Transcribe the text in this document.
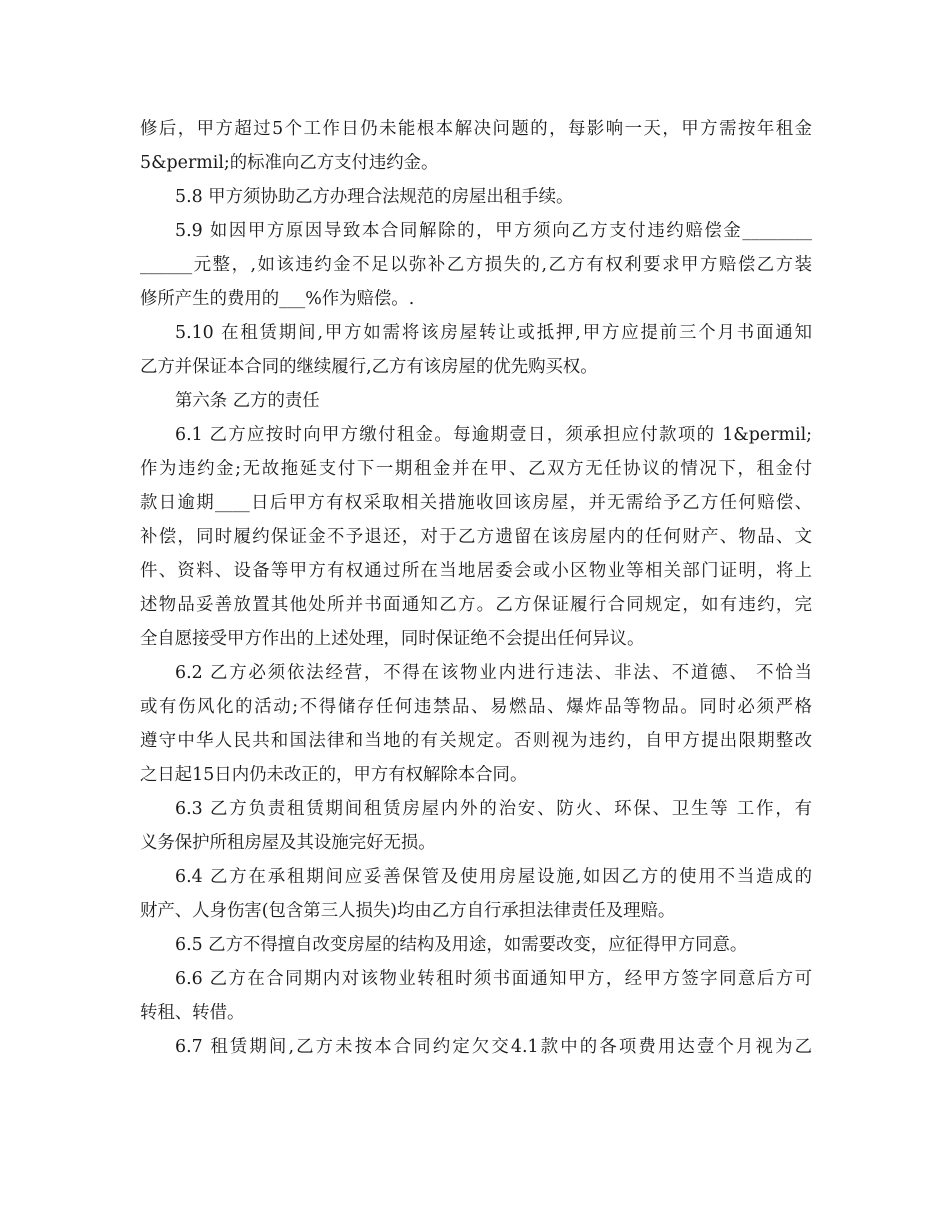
修后，甲方超过5个工作日仍未能根本解决问题的，每影响一天，甲方需按年租金
5&permil;的标准向乙方支付违约金。
5.8 甲方须协助乙方办理合法规范的房屋出租手续。
5.9 如因甲方原因导致本合同解除的，甲方须向乙方支付违约赔偿金________
______元整，,如该违约金不足以弥补乙方损失的,乙方有权利要求甲方赔偿乙方装
修所产生的费用的___%作为赔偿。.
5.10 在租赁期间,甲方如需将该房屋转让或抵押,甲方应提前三个月书面通知
乙方并保证本合同的继续履行,乙方有该房屋的优先购买权。
第六条 乙方的责任
6.1 乙方应按时向甲方缴付租金。每逾期壹日，须承担应付款项的 1&permil;
作为违约金;无故拖延支付下一期租金并在甲、乙双方无任协议的情况下，租金付
款日逾期____日后甲方有权采取相关措施收回该房屋，并无需给予乙方任何赔偿、
补偿，同时履约保证金不予退还，对于乙方遗留在该房屋内的任何财产、物品、文
件、资料、设备等甲方有权通过所在当地居委会或小区物业等相关部门证明，将上
述物品妥善放置其他处所并书面通知乙方。乙方保证履行合同规定，如有违约，完
全自愿接受甲方作出的上述处理，同时保证绝不会提出任何异议。
6.2 乙方必须依法经营，不得在该物业内进行违法、非法、不道德、 不恰当
或有伤风化的活动;不得储存任何违禁品、易燃品、爆炸品等物品。同时必须严格
遵守中华人民共和国法律和当地的有关规定。否则视为违约，自甲方提出限期整改
之日起15日内仍未改正的，甲方有权解除本合同。
6.3 乙方负责租赁期间租赁房屋内外的治安、防火、环保、卫生等 工作，有
义务保护所租房屋及其设施完好无损。
6.4 乙方在承租期间应妥善保管及使用房屋设施,如因乙方的使用不当造成的
财产、人身伤害(包含第三人损失)均由乙方自行承担法律责任及理赔。
6.5 乙方不得擅自改变房屋的结构及用途，如需要改变，应征得甲方同意。
6.6 乙方在合同期内对该物业转租时须书面通知甲方，经甲方签字同意后方可
转租、转借。
6.7 租赁期间,乙方未按本合同约定欠交4.1款中的各项费用达壹个月视为乙
